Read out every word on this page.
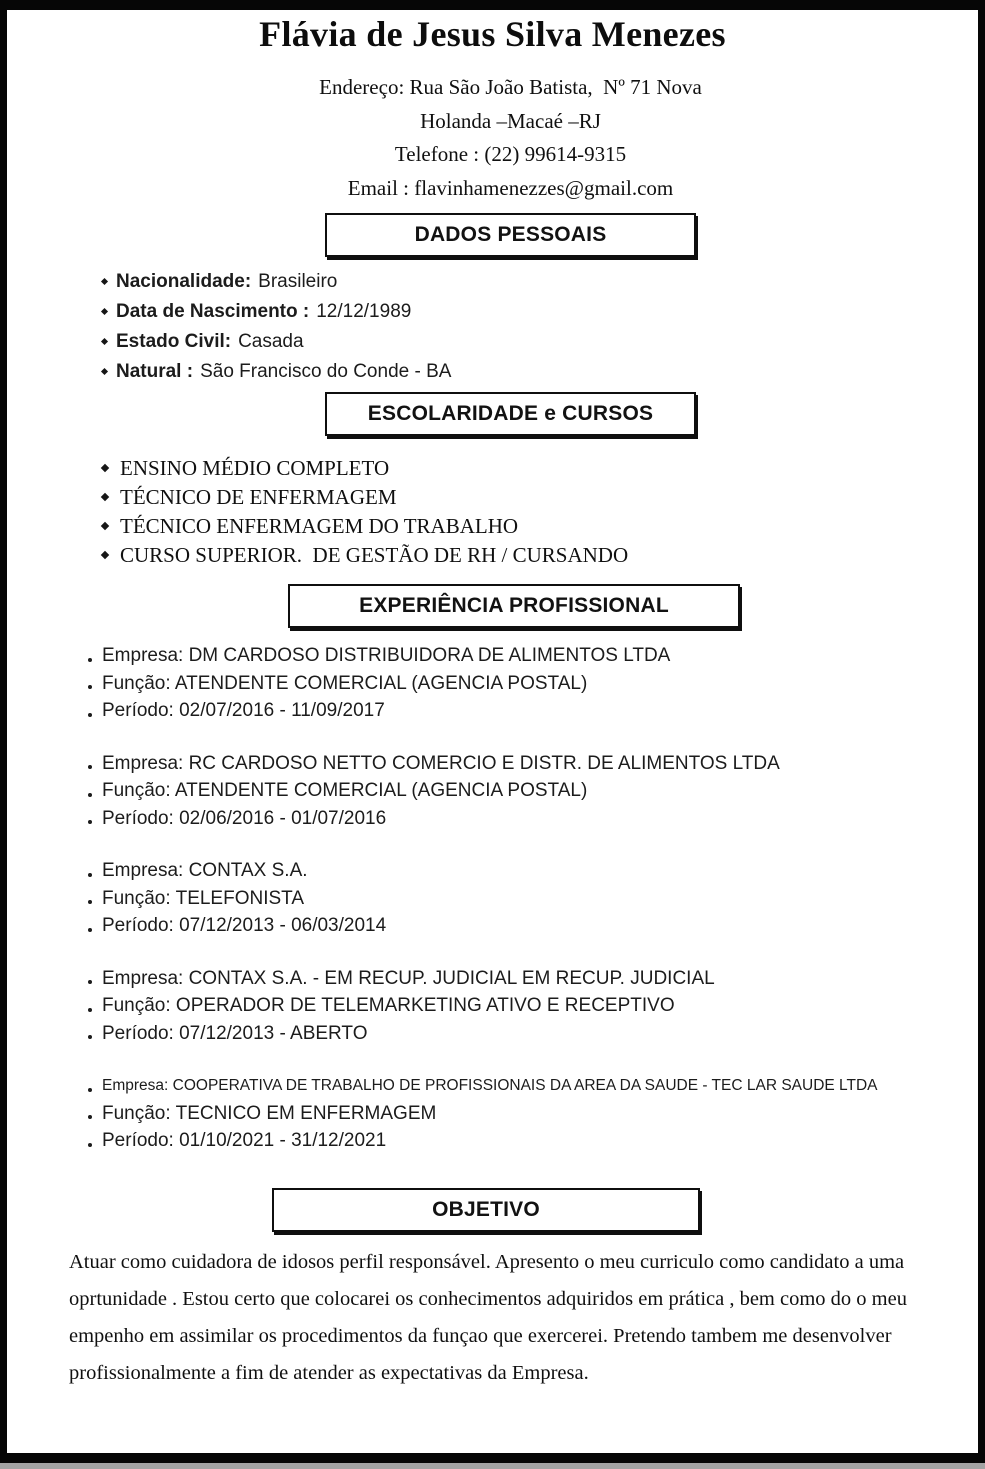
Flávia de Jesus Silva Menezes
Endereço: Rua São João Batista,  Nº 71 Nova
Holanda –Macaé –RJ
Telefone : (22) 99614-9315
Email : flavinhamenezzes@gmail.com
DADOS PESSOAIS
Nacionalidade: Brasileiro
Data de Nascimento : 12/12/1989
Estado Civil: Casada
Natural : São Francisco do Conde - BA
ESCOLARIDADE e CURSOS
ENSINO MÉDIO COMPLETO
TÉCNICO DE ENFERMAGEM
TÉCNICO ENFERMAGEM DO TRABALHO
CURSO SUPERIOR.  DE GESTÃO DE RH / CURSANDO
EXPERIÊNCIA PROFISSIONAL
Empresa: DM CARDOSO DISTRIBUIDORA DE ALIMENTOS LTDA
Função: ATENDENTE COMERCIAL (AGENCIA POSTAL)
Período: 02/07/2016 - 11/09/2017
Empresa: RC CARDOSO NETTO COMERCIO E DISTR. DE ALIMENTOS LTDA
Função: ATENDENTE COMERCIAL (AGENCIA POSTAL)
Período: 02/06/2016 - 01/07/2016
Empresa: CONTAX S.A.
Função: TELEFONISTA
Período: 07/12/2013 - 06/03/2014
Empresa: CONTAX S.A. - EM RECUP. JUDICIAL EM RECUP. JUDICIAL
Função: OPERADOR DE TELEMARKETING ATIVO E RECEPTIVO
Período: 07/12/2013 - ABERTO
Empresa: COOPERATIVA DE TRABALHO DE PROFISSIONAIS DA AREA DA SAUDE - TEC LAR SAUDE LTDA
Função: TECNICO EM ENFERMAGEM
Período: 01/10/2021 - 31/12/2021
OBJETIVO

Atuar como cuidadora de idosos perfil responsável. Apresento o meu curriculo como candidato a uma oprtunidade . Estou certo que colocarei os conhecimentos adquiridos em prática , bem como do o meu empenho em assimilar os procedimentos da funçao que exercerei. Pretendo tambem me desenvolver profissionalmente a fim de atender as expectativas da Empresa.
